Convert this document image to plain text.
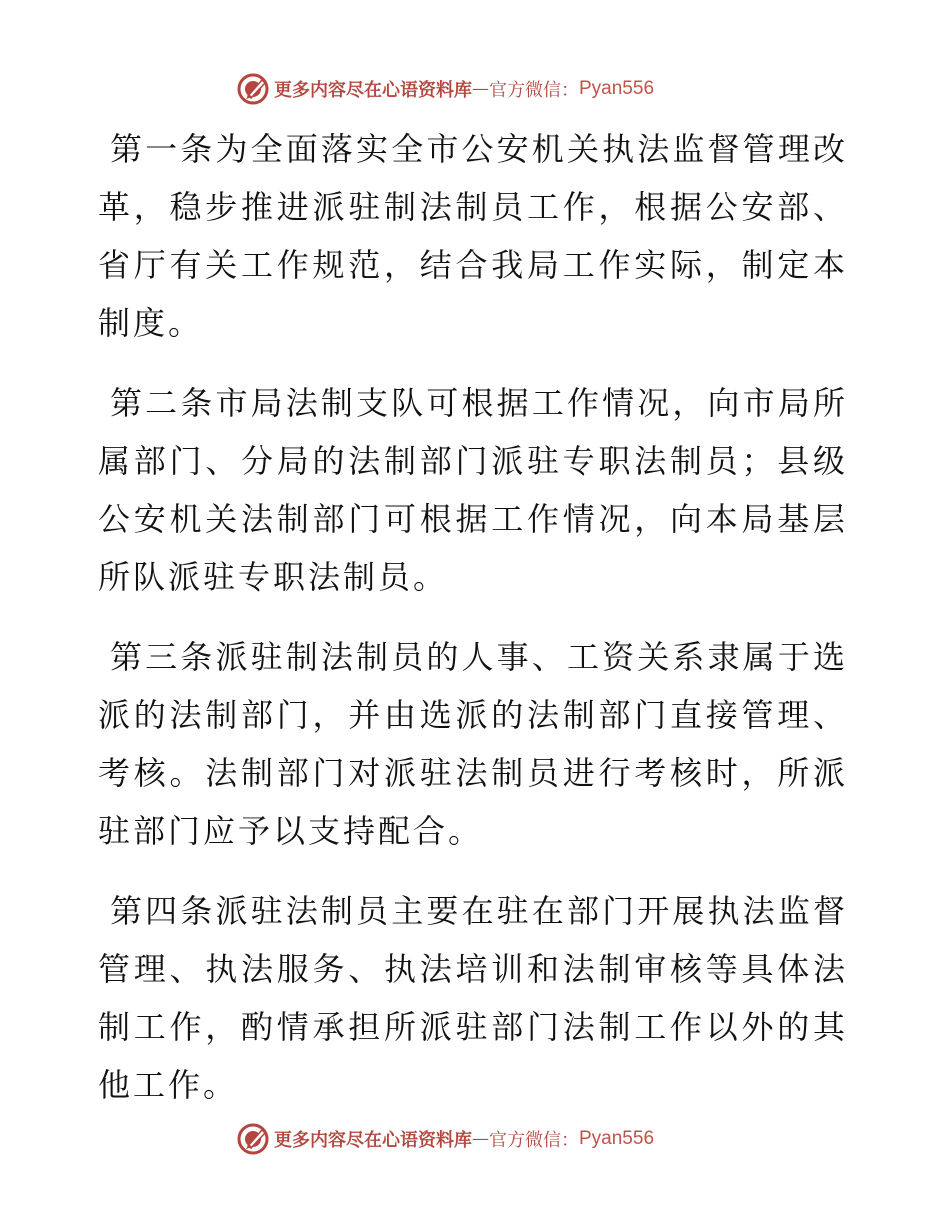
更多内容尽在心语资料库 — 官方微信： Pyan556

第一条为全面落实全市公安机关执法监督管理改革，稳步推进派驻制法制员工作，根据公安部、省厅有关工作规范，结合我局工作实际，制定本制度。

第二条市局法制支队可根据工作情况，向市局所属部门、分局的法制部门派驻专职法制员；县级公安机关法制部门可根据工作情况，向本局基层所队派驻专职法制员。

第三条派驻制法制员的人事、工资关系隶属于选派的法制部门，并由选派的法制部门直接管理、考核。法制部门对派驻法制员进行考核时，所派驻部门应予以支持配合。

第四条派驻法制员主要在驻在部门开展执法监督管理、执法服务、执法培训和法制审核等具体法制工作，酌情承担所派驻部门法制工作以外的其他工作。

更多内容尽在心语资料库 — 官方微信： Pyan556
